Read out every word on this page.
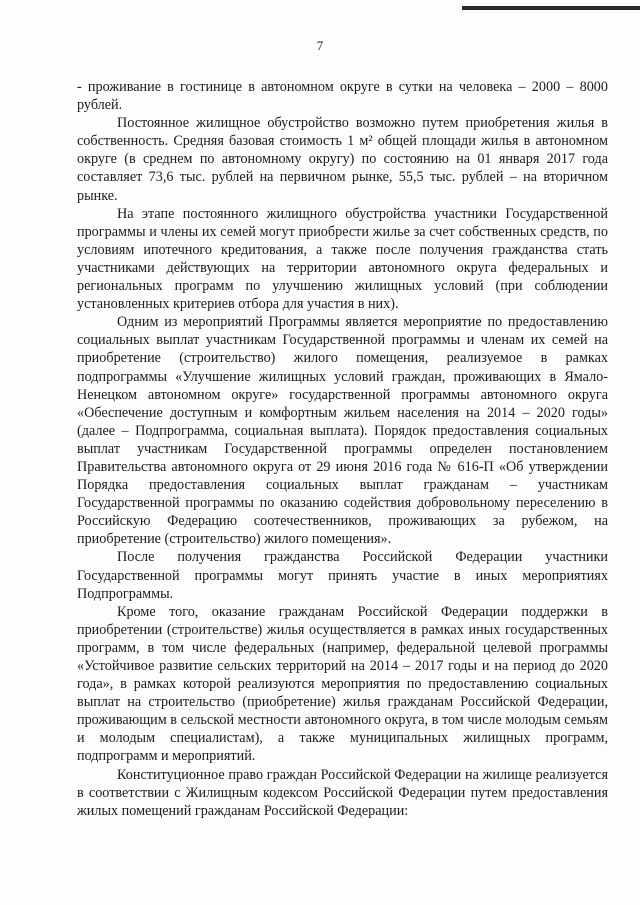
7

- проживание в гостинице в автономном округе в сутки на человека – 2000 – 8000 рублей.

Постоянное жилищное обустройство возможно путем приобретения жилья в собственность. Средняя базовая стоимость 1 м² общей площади жилья в автономном округе (в среднем по автономному округу) по состоянию на 01 января 2017 года составляет 73,6 тыс. рублей на первичном рынке, 55,5 тыс. рублей – на вторичном рынке.

На этапе постоянного жилищного обустройства участники Государственной программы и члены их семей могут приобрести жилье за счет собственных средств, по условиям ипотечного кредитования, а также после получения гражданства стать участниками действующих на территории автономного округа федеральных и региональных программ по улучшению жилищных условий (при соблюдении установленных критериев отбора для участия в них).

Одним из мероприятий Программы является мероприятие по предоставлению социальных выплат участникам Государственной программы и членам их семей на приобретение (строительство) жилого помещения, реализуемое в рамках подпрограммы «Улучшение жилищных условий граждан, проживающих в Ямало-Ненецком автономном округе» государственной программы автономного округа «Обеспечение доступным и комфортным жильем населения на 2014 – 2020 годы» (далее – Подпрограмма, социальная выплата). Порядок предоставления социальных выплат участникам Государственной программы определен постановлением Правительства автономного округа от 29 июня 2016 года № 616-П «Об утверждении Порядка предоставления социальных выплат гражданам – участникам Государственной программы по оказанию содействия добровольному переселению в Российскую Федерацию соотечественников, проживающих за рубежом, на приобретение (строительство) жилого помещения».

После получения гражданства Российской Федерации участники Государственной программы могут принять участие в иных мероприятиях Подпрограммы.

Кроме того, оказание гражданам Российской Федерации поддержки в приобретении (строительстве) жилья осуществляется в рамках иных государственных программ, в том числе федеральных (например, федеральной целевой программы «Устойчивое развитие сельских территорий на 2014 – 2017 годы и на период до 2020 года», в рамках которой реализуются мероприятия по предоставлению социальных выплат на строительство (приобретение) жилья гражданам Российской Федерации, проживающим в сельской местности автономного округа, в том числе молодым семьям и молодым специалистам), а также муниципальных жилищных программ, подпрограмм и мероприятий.

Конституционное право граждан Российской Федерации на жилище реализуется в соответствии с Жилищным кодексом Российской Федерации путем предоставления жилых помещений гражданам Российской Федерации:
